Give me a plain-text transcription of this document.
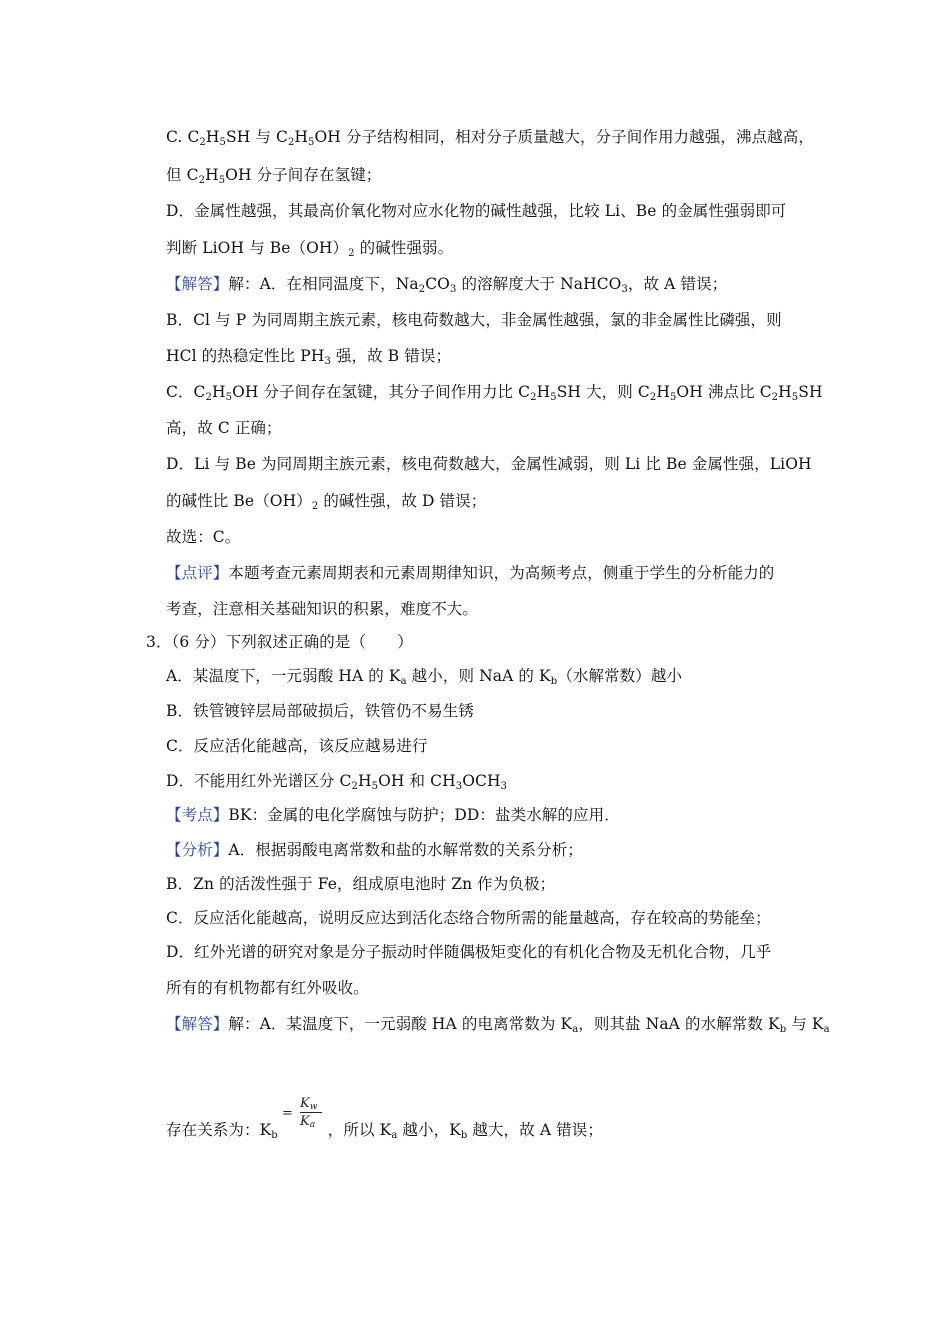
C. $C_2H_5SH$ 与 $C_2H_5OH$ 分子结构相同，相对分子质量越大，分子间作用力越强，沸点越高，
但 $C_2H_5OH$ 分子间存在氢键；
D．金属性越强，其最高价氧化物对应水化物的碱性越强，比较 Li、Be 的金属性强弱即可
判断 LiOH 与 $Be(OH)_2$ 的碱性强弱。
【解答】解：A．在相同温度下，$Na_2CO_3$ 的溶解度大于 NaHCO$_3$，故 A 错误；
B．Cl 与 P 为同周期主族元素，核电荷数越大，非金属性越强，氯的非金属性比磷强，则
HCl 的热稳定性比 $PH_3$ 强，故 B 错误；
C．$C_2H_5OH$ 分子间存在氢键，其分子间作用力比 $C_2H_5SH$ 大，则 $C_2H_5OH$ 沸点比 $C_2H_5SH$
高，故 C 正确；
D．Li 与 Be 为同周期主族元素，核电荷数越大，金属性减弱，则 Li 比 Be 金属性强，LiOH
的碱性比 $Be(OH)_2$ 的碱性强，故 D 错误；
故选：C。
【点评】本题考查元素周期表和元素周期律知识，为高频考点，侧重于学生的分析能力的
考查，注意相关基础知识的积累，难度不大。
3．（6 分）下列叙述正确的是（　　）
A．某温度下，一元弱酸 HA 的 $K_a$ 越小，则 NaA 的 $K_b$（水解常数）越小
B．铁管镀锌层局部破损后，铁管仍不易生锈
C．反应活化能越高，该反应越易进行
D．不能用红外光谱区分 $C_2H_5OH$ 和 $CH_3OCH_3$
【考点】BK：金属的电化学腐蚀与防护；DD：盐类水解的应用．
【分析】A．根据弱酸电离常数和盐的水解常数的关系分析；
B．Zn 的活泼性强于 Fe，组成原电池时 Zn 作为负极；
C．反应活化能越高，说明反应达到活化态络合物所需的能量越高，存在较高的势能垒；
D．红外光谱的研究对象是分子振动时伴随偶极矩变化的有机化合物及无机化合物，几乎
所有的有机物都有红外吸收。
【解答】解：A．某温度下，一元弱酸 HA 的电离常数为 $K_a$，则其盐 NaA 的水解常数 $K_b$ 与 $K_a$
存在关系为：$K_b$	，所以 $K_a$ 越小，$K_b$ 越大，故 A 错误；
=
Kw
Ka
